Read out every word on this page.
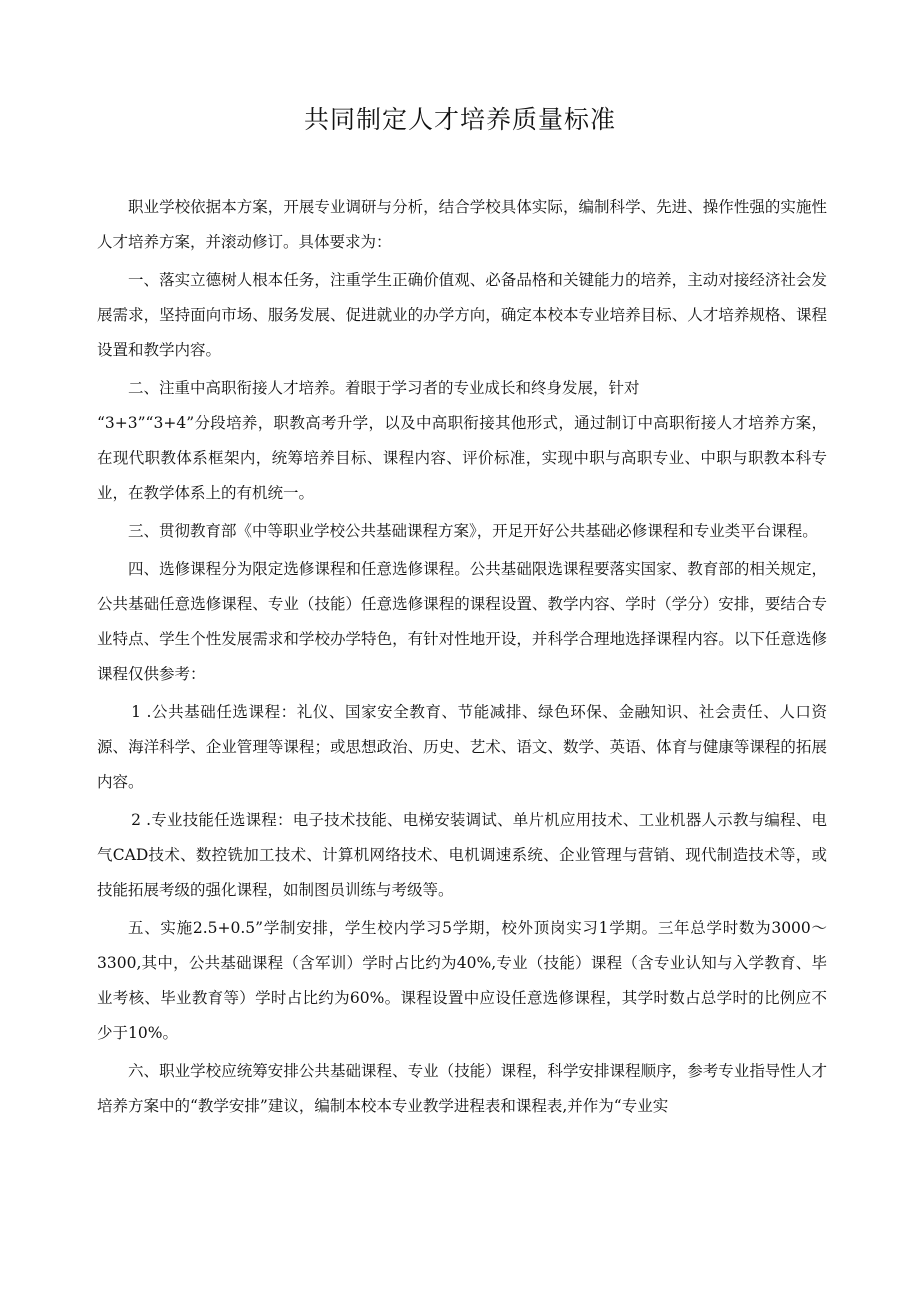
共同制定人才培养质量标准

职业学校依据本方案，开展专业调研与分析，结合学校具体实际，编制科学、先进、操作性强的实施性人才培养方案，并滚动修订。具体要求为：

一、落实立德树人根本任务，注重学生正确价值观、必备品格和关键能力的培养，主动对接经济社会发展需求，坚持面向市场、服务发展、促进就业的办学方向，确定本校本专业培养目标、人才培养规格、课程设置和教学内容。

二、注重中高职衔接人才培养。着眼于学习者的专业成长和终身发展，针对

“3+3”“3+4”分段培养，职教高考升学，以及中高职衔接其他形式，通过制订中高职衔接人才培养方案，在现代职教体系框架内，统筹培养目标、课程内容、评价标准，实现中职与高职专业、中职与职教本科专业，在教学体系上的有机统一。

三、贯彻教育部《中等职业学校公共基础课程方案》，开足开好公共基础必修课程和专业类平台课程。

四、选修课程分为限定选修课程和任意选修课程。公共基础限选课程要落实国家、教育部的相关规定，公共基础任意选修课程、专业（技能）任意选修课程的课程设置、教学内容、学时（学分）安排，要结合专业特点、学生个性发展需求和学校办学特色，有针对性地开设，并科学合理地选择课程内容。以下任意选修课程仅供参考：

1 .公共基础任选课程：礼仪、国家安全教育、节能减排、绿色环保、金融知识、社会责任、人口资源、海洋科学、企业管理等课程；或思想政治、历史、艺术、语文、数学、英语、体育与健康等课程的拓展内容。

2 .专业技能任选课程：电子技术技能、电梯安装调试、单片机应用技术、工业机器人示教与编程、电气CAD技术、数控铣加工技术、计算机网络技术、电机调速系统、企业管理与营销、现代制造技术等，或技能拓展考级的强化课程，如制图员训练与考级等。

五、实施2.5+0.5”学制安排，学生校内学习5学期，校外顶岗实习1学期。三年总学时数为3000～3300,其中，公共基础课程（含军训）学时占比约为40%,专业（技能）课程（含专业认知与入学教育、毕业考核、毕业教育等）学时占比约为60%。课程设置中应设任意选修课程，其学时数占总学时的比例应不少于10%。

六、职业学校应统筹安排公共基础课程、专业（技能）课程，科学安排课程顺序，参考专业指导性人才培养方案中的“教学安排”建议，编制本校本专业教学进程表和课程表,并作为“专业实
